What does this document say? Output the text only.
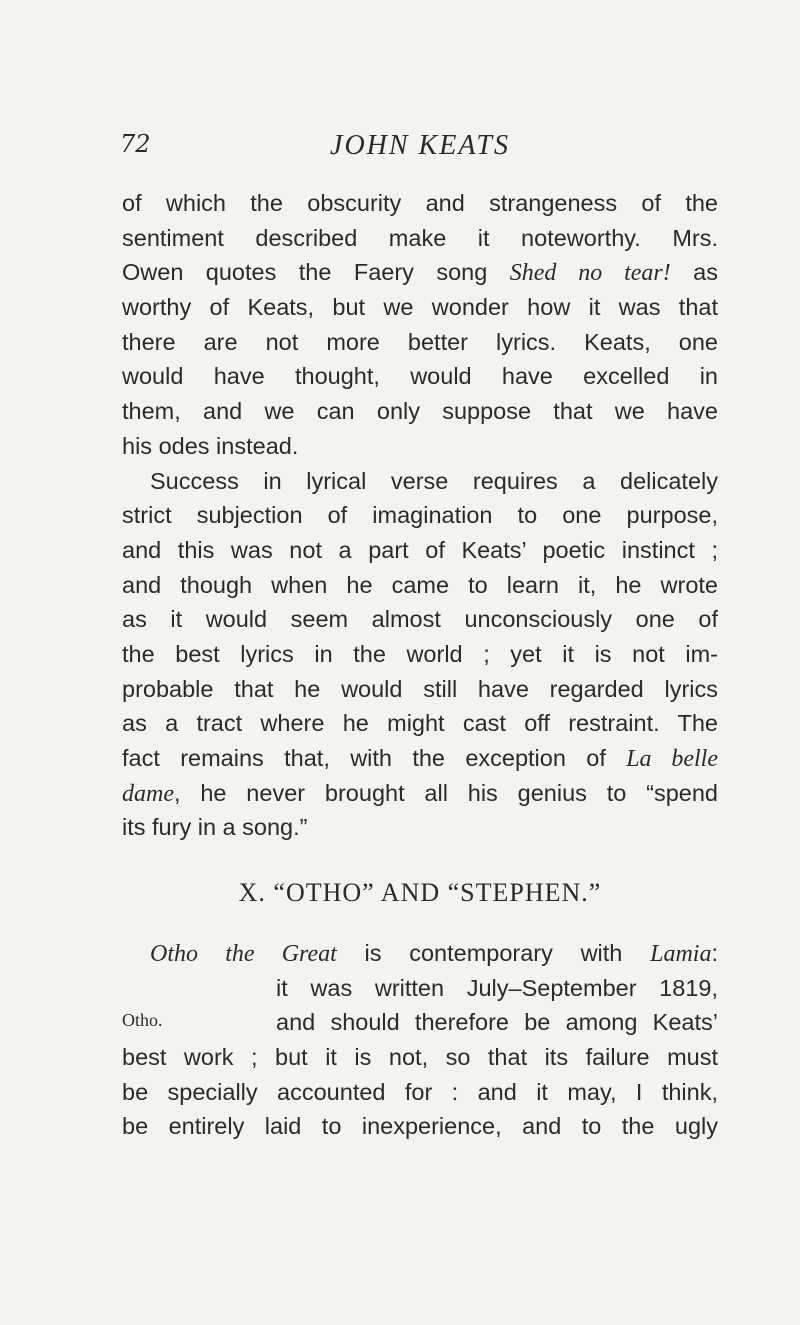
72	JOHN KEATS
of which the obscurity and strangeness of the
sentiment described make it noteworthy. Mrs.
Owen quotes the Faery song Shed no tear! as
worthy of Keats, but we wonder how it was that
there are not more better lyrics. Keats, one
would have thought, would have excelled in
them, and we can only suppose that we have
his odes instead.
Success in lyrical verse requires a delicately
strict subjection of imagination to one purpose,
and this was not a part of Keats’ poetic instinct ;
and though when he came to learn it, he wrote
as it would seem almost unconsciously one of
the best lyrics in the world ; yet it is not im-
probable that he would still have regarded lyrics
as a tract where he might cast off restraint. The
fact remains that, with the exception of La belle
dame, he never brought all his genius to “spend
its fury in a song.”
X. “OTHO” AND “STEPHEN.”
Otho the Great is contemporary with Lamia:
it was written July–September 1819,
and should therefore be among Keats’
best work ; but it is not, so that its failure must
be specially accounted for : and it may, I think,
be entirely laid to inexperience, and to the ugly
Otho.
